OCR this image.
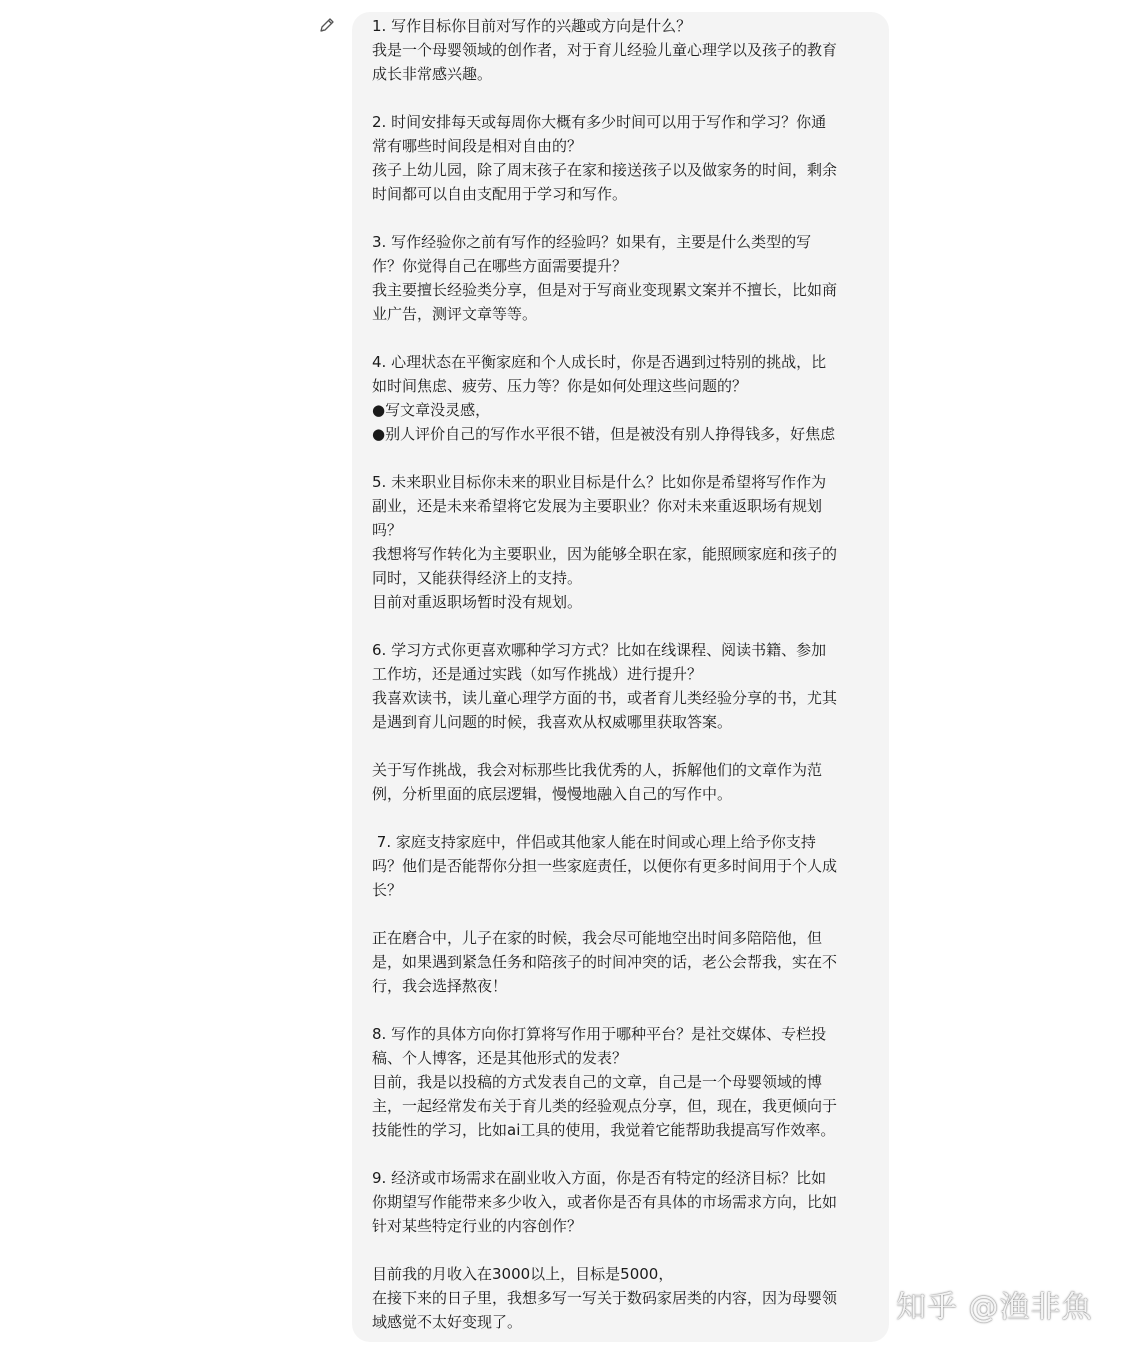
1. 写作目标你目前对写作的兴趣或方向是什么？

我是一个母婴领域的创作者，对于育儿经验儿童心理学以及孩子的教育

成长非常感兴趣。

2. 时间安排每天或每周你大概有多少时间可以用于写作和学习？你通

常有哪些时间段是相对自由的？

孩子上幼儿园，除了周末孩子在家和接送孩子以及做家务的时间，剩余

时间都可以自由支配用于学习和写作。

3. 写作经验你之前有写作的经验吗？如果有，主要是什么类型的写

作？你觉得自己在哪些方面需要提升？

我主要擅长经验类分享，但是对于写商业变现累文案并不擅长，比如商

业广告，测评文章等等。

4. 心理状态在平衡家庭和个人成长时，你是否遇到过特别的挑战，比

如时间焦虑、疲劳、压力等？你是如何处理这些问题的？

●写文章没灵感，

●别人评价自己的写作水平很不错，但是被没有别人挣得钱多，好焦虑

5. 未来职业目标你未来的职业目标是什么？比如你是希望将写作作为

副业，还是未来希望将它发展为主要职业？你对未来重返职场有规划

吗？

我想将写作转化为主要职业，因为能够全职在家，能照顾家庭和孩子的

同时，又能获得经济上的支持。

目前对重返职场暂时没有规划。

6. 学习方式你更喜欢哪种学习方式？比如在线课程、阅读书籍、参加

工作坊，还是通过实践（如写作挑战）进行提升？

我喜欢读书，读儿童心理学方面的书，或者育儿类经验分享的书，尤其

是遇到育儿问题的时候，我喜欢从权威哪里获取答案。

关于写作挑战，我会对标那些比我优秀的人，拆解他们的文章作为范

例，分析里面的底层逻辑，慢慢地融入自己的写作中。

7. 家庭支持家庭中，伴侣或其他家人能在时间或心理上给予你支持

吗？他们是否能帮你分担一些家庭责任，以便你有更多时间用于个人成

长？

正在磨合中，儿子在家的时候，我会尽可能地空出时间多陪陪他，但

是，如果遇到紧急任务和陪孩子的时间冲突的话，老公会帮我，实在不

行，我会选择熬夜！

8. 写作的具体方向你打算将写作用于哪种平台？是社交媒体、专栏投

稿、个人博客，还是其他形式的发表？

目前，我是以投稿的方式发表自己的文章，自己是一个母婴领域的博

主，一起经常发布关于育儿类的经验观点分享，但，现在，我更倾向于

技能性的学习，比如ai工具的使用，我觉着它能帮助我提高写作效率。

9. 经济或市场需求在副业收入方面，你是否有特定的经济目标？比如

你期望写作能带来多少收入，或者你是否有具体的市场需求方向，比如

针对某些特定行业的内容创作？

目前我的月收入在3000以上，目标是5000，

在接下来的日子里，我想多写一写关于数码家居类的内容，因为母婴领

域感觉不太好变现了。	知乎 @渔非魚
